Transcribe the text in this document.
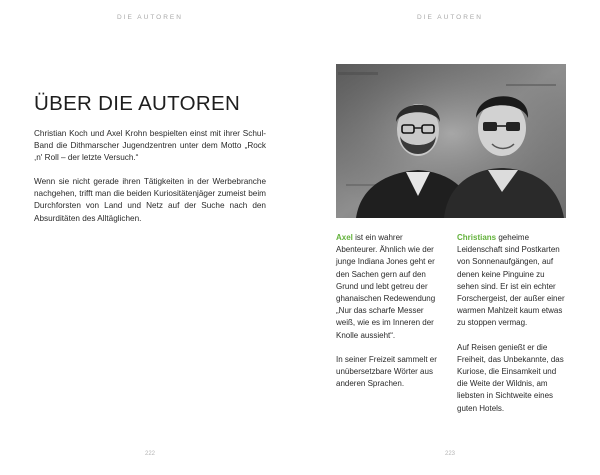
DIE AUTOREN
ÜBER DIE AUTOREN

Christian Koch und Axel Krohn bespielten einst mit ihrer Schul-Band die Dithmarscher Jugendzentren unter dem Motto „Rock ,n' Roll – der letzte Versuch.“

Wenn sie nicht gerade ihren Tätigkeiten in der Werbebranche nachgehen, trifft man die beiden Kuriositätenjäger zumeist beim Durchforsten von Land und Netz auf der Suche nach den Absurditäten des Alltäglichen.

222
DIE AUTOREN

Axel ist ein wahrer Abenteurer. Ähnlich wie der junge Indiana Jones geht er den Sachen gern auf den Grund und lebt getreu der ghanaischen Redewendung „Nur das scharfe Messer weiß, wie es im Inneren der Knolle aussieht“.

In seiner Freizeit sammelt er unübersetzbare Wörter aus anderen Sprachen.

Christians geheime Leidenschaft sind Postkarten von Sonnenaufgängen, auf denen keine Pinguine zu sehen sind. Er ist ein echter Forschergeist, der außer einer warmen Mahlzeit kaum etwas zu stoppen vermag.

Auf Reisen genießt er die Freiheit, das Unbekannte, das Kuriose, die Einsamkeit und die Weite der Wildnis, am liebsten in Sichtweite eines guten Hotels.

223
